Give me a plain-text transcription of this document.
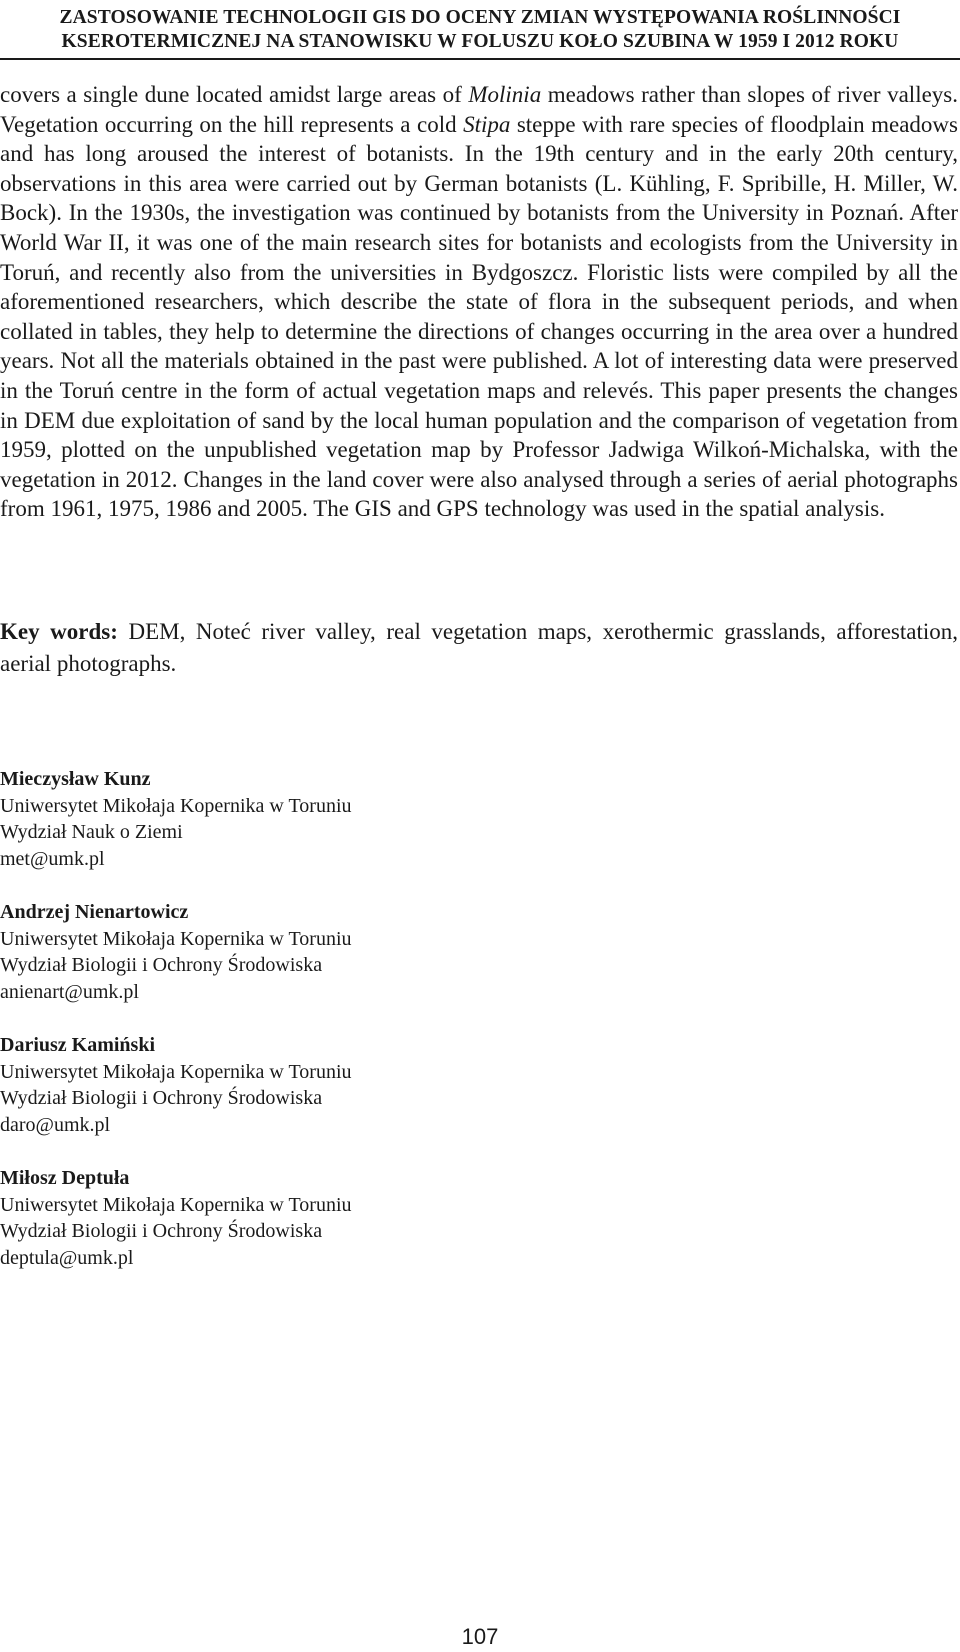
ZASTOSOWANIE TECHNOLOGII GIS DO OCENY ZMIAN WYSTĘPOWANIA ROŚLINNOŚCI
KSEROTERMICZNEJ NA STANOWISKU W FOLUSZU KOŁO SZUBINA W 1959 I 2012 ROKU

covers a single dune located amidst large areas of Molinia meadows rather than slopes of river valleys. Vegetation occurring on the hill represents a cold Stipa steppe with rare species of floodplain meadows and has long aroused the interest of botanists. In the 19th century and in the early 20th century, observations in this area were carried out by German botanists (L. Kühling, F. Spribille, H. Miller, W. Bock). In the 1930s, the investigation was continued by botanists from the University in Poznań. After World War II, it was one of the main research sites for botanists and ecologists from the University in Toruń, and recently also from the universities in Bydgoszcz. Floristic lists were compiled by all the aforementioned researchers, which describe the state of flora in the subsequent periods, and when collated in tables, they help to determine the directions of changes occurring in the area over a hundred years. Not all the materials obtained in the past were published. A lot of interesting data were preserved in the Toruń centre in the form of actual vegetation maps and relevés. This paper presents the changes in DEM due exploitation of sand by the local human population and the comparison of vegetation from 1959, plotted on the unpublished vegetation map by Professor Jadwiga Wilkoń-Michalska, with the vegetation in 2012. Changes in the land cover were also analysed through a series of aerial photographs from 1961, 1975, 1986 and 2005. The GIS and GPS technology was used in the spatial analysis.

Key words: DEM, Noteć river valley, real vegetation maps, xerothermic grasslands, afforestation, aerial photographs.

Mieczysław Kunz
Uniwersytet Mikołaja Kopernika w Toruniu
Wydział Nauk o Ziemi
met@umk.pl
Andrzej Nienartowicz
Uniwersytet Mikołaja Kopernika w Toruniu
Wydział Biologii i Ochrony Środowiska
anienart@umk.pl
Dariusz Kamiński
Uniwersytet Mikołaja Kopernika w Toruniu
Wydział Biologii i Ochrony Środowiska
daro@umk.pl
Miłosz Deptuła
Uniwersytet Mikołaja Kopernika w Toruniu
Wydział Biologii i Ochrony Środowiska
deptula@umk.pl
107
